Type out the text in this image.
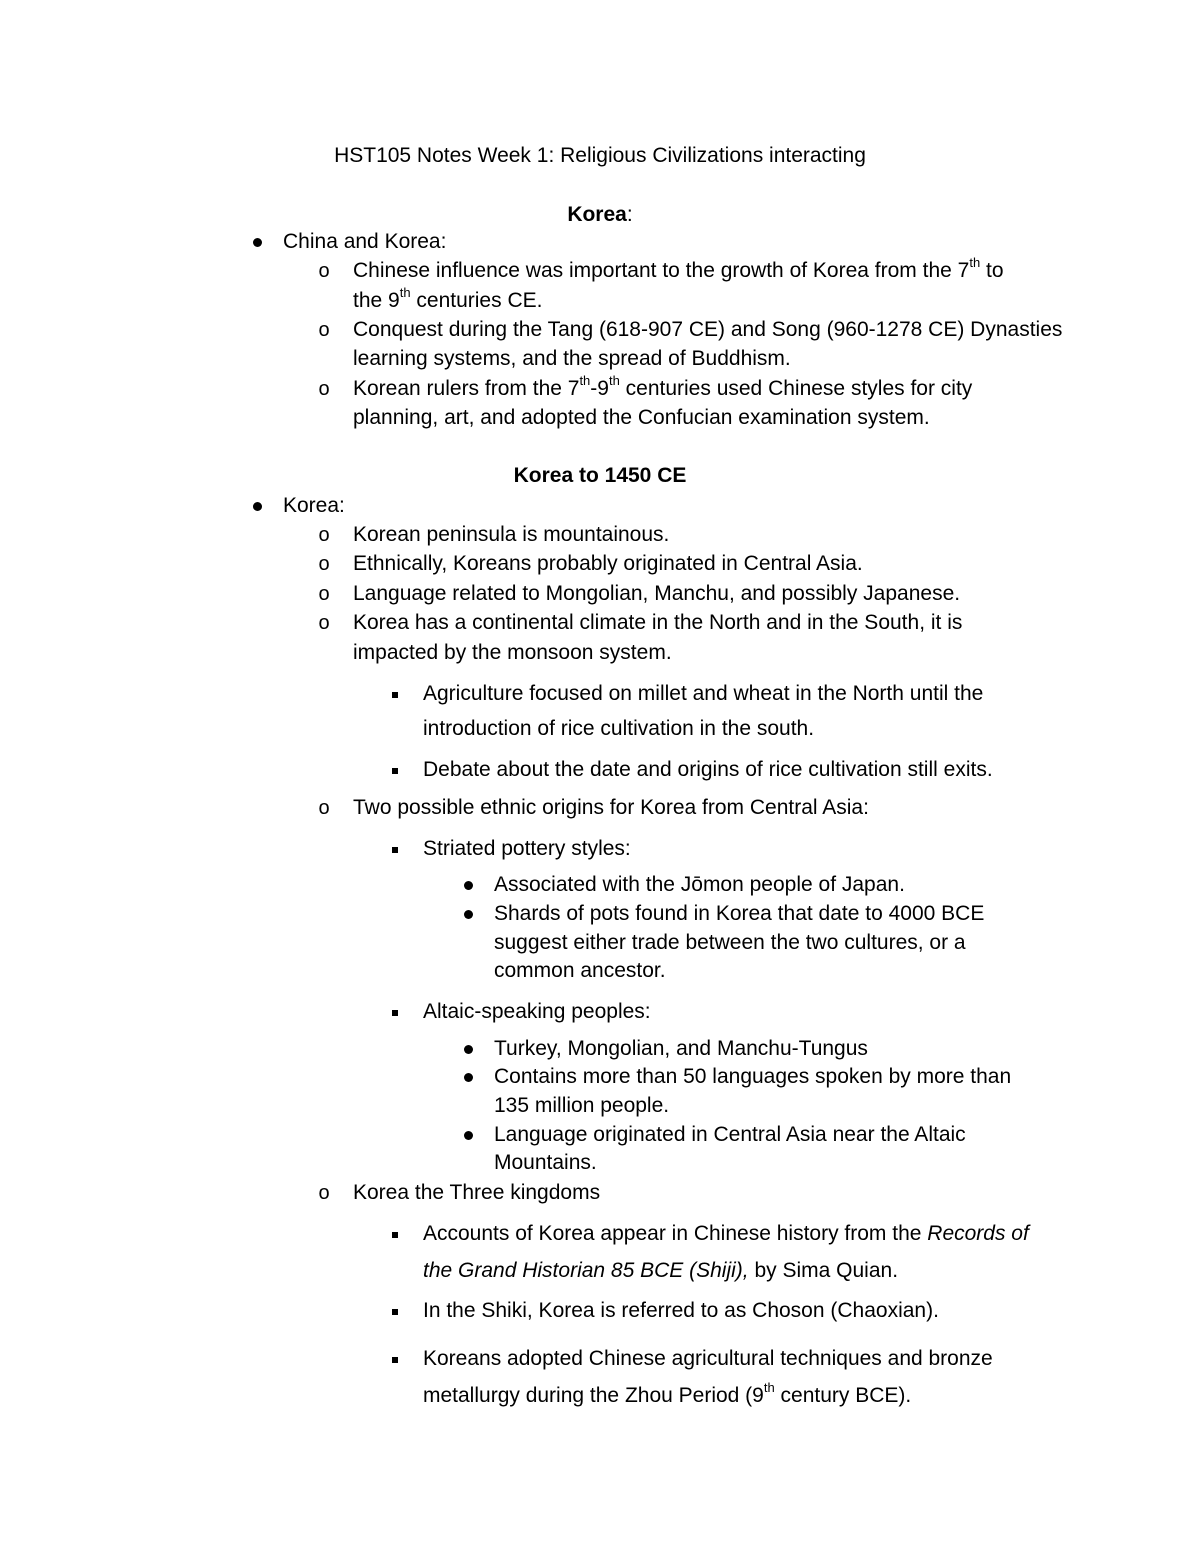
HST105 Notes Week 1: Religious Civilizations interacting
Korea:
China and Korea:
o Chinese influence was important to the growth of Korea from the 7th to
the 9th centuries CE.
o Conquest during the Tang (618-907 CE) and Song (960-1278 CE) Dynasties
learning systems, and the spread of Buddhism.
o Korean rulers from the 7th-9th centuries used Chinese styles for city
planning, art, and adopted the Confucian examination system.
Korea to 1450 CE
Korea:
o Korean peninsula is mountainous.
o Ethnically, Koreans probably originated in Central Asia.
o Language related to Mongolian, Manchu, and possibly Japanese.
o Korea has a continental climate in the North and in the South, it is
impacted by the monsoon system.
Agriculture focused on millet and wheat in the North until the
introduction of rice cultivation in the south.
Debate about the date and origins of rice cultivation still exits.
o Two possible ethnic origins for Korea from Central Asia:
Striated pottery styles:
Associated with the Jōmon people of Japan.
Shards of pots found in Korea that date to 4000 BCE
suggest either trade between the two cultures, or a
common ancestor.
Altaic-speaking peoples:
Turkey, Mongolian, and Manchu-Tungus
Contains more than 50 languages spoken by more than
135 million people.
Language originated in Central Asia near the Altaic
Mountains.
o Korea the Three kingdoms
Accounts of Korea appear in Chinese history from the Records of
the Grand Historian 85 BCE (Shiji), by Sima Quian.
In the Shiki, Korea is referred to as Choson (Chaoxian).
Koreans adopted Chinese agricultural techniques and bronze
metallurgy during the Zhou Period (9th century BCE).
